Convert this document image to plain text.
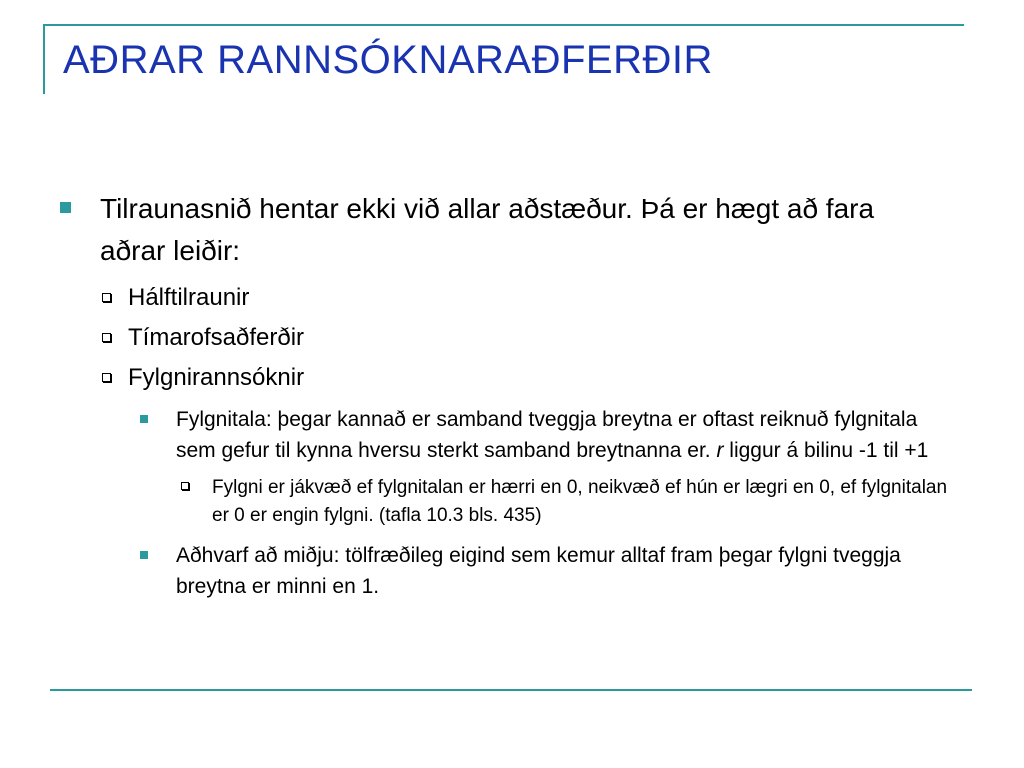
AÐRAR RANNSÓKNARAÐFERÐIR
Tilraunasnið hentar ekki við allar aðstæður. Þá er hægt að fara aðrar leiðir:
Hálftilraunir
Tímarofsaðferðir
Fylgnirannsóknir
Fylgnitala: þegar kannað er samband tveggja breytna er oftast reiknuð fylgnitala sem gefur til kynna hversu sterkt samband breytnanna er. r liggur á bilinu -1 til +1
Fylgni er jákvæð ef fylgnitalan er hærri en 0, neikvæð ef hún er lægri en 0, ef fylgnitalan er 0 er engin fylgni. (tafla 10.3 bls. 435)
Aðhvarf að miðju: tölfræðileg eigind sem kemur alltaf fram þegar fylgni tveggja breytna er minni en 1.
